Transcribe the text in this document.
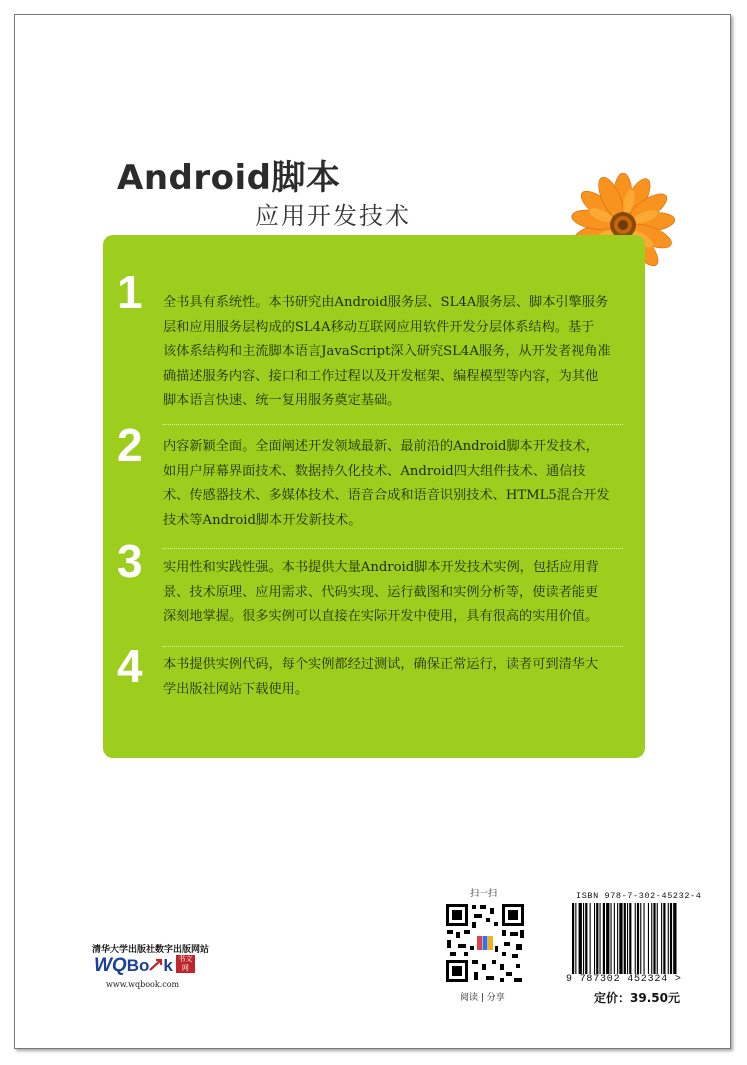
Android脚本
应用开发技术
1 全书具有系统性。本书研究由Android服务层、SL4A服务层、脚本引擎服务
层和应用服务层构成的SL4A移动互联网应用软件开发分层体系结构。基于
该体系结构和主流脚本语言JavaScript深入研究SL4A服务，从开发者视角准
确描述服务内容、接口和工作过程以及开发框架、编程模型等内容，为其他
脚本语言快速、统一复用服务奠定基础。
2 内容新颖全面。全面阐述开发领域最新、最前沿的Android脚本开发技术，
如用户屏幕界面技术、数据持久化技术、Android四大组件技术、通信技
术、传感器技术、多媒体技术、语音合成和语音识别技术、HTML5混合开发
技术等Android脚本开发新技术。
3 实用性和实践性强。本书提供大量Android脚本开发技术实例，包括应用背
景、技术原理、应用需求、代码实现、运行截图和实例分析等，使读者能更
深刻地掌握。很多实例可以直接在实际开发中使用，具有很高的实用价值。
4 本书提供实例代码，每个实例都经过测试，确保正常运行，读者可到清华大
学出版社网站下载使用。
清华大学出版社数字出版网站
WQBo k 书文网
www.wqbook.com
扫一扫
阅读 | 分享
ISBN 978-7-302-45232-4
9 787302 452324 >
定价：39.50元
